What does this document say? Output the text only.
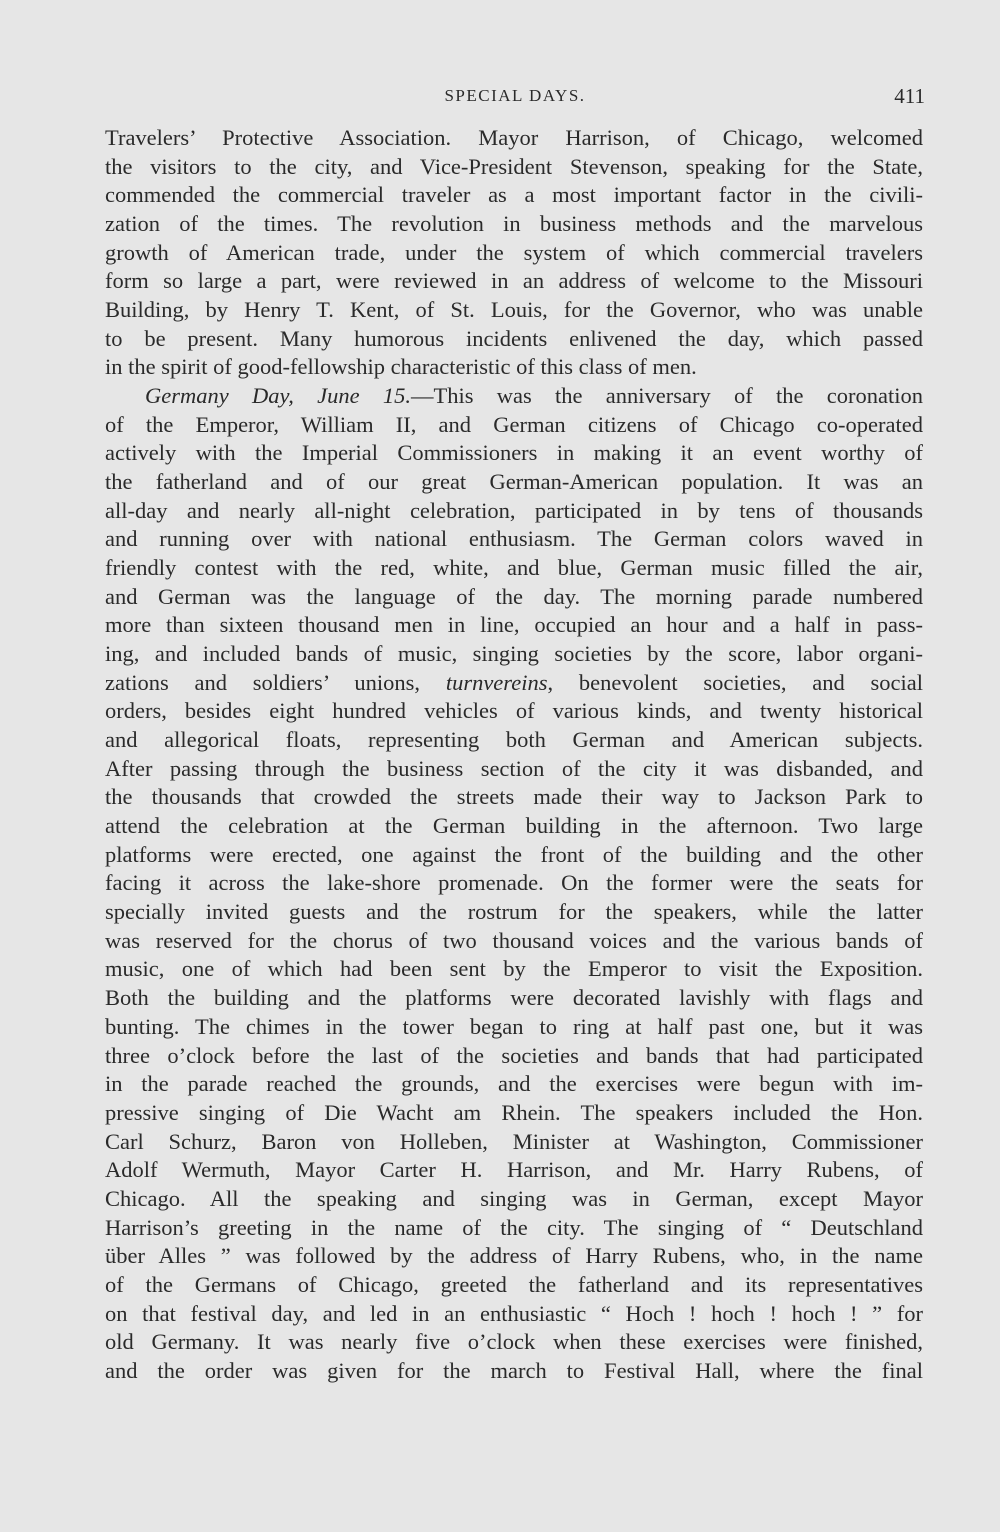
SPECIAL DAYS.	411
Travelers’ Protective Association. Mayor Harrison, of Chicago, welcomed
the visitors to the city, and Vice-President Stevenson, speaking for the State,
commended the commercial traveler as a most important factor in the civili-
zation of the times. The revolution in business methods and the marvelous
growth of American trade, under the system of which commercial travelers
form so large a part, were reviewed in an address of welcome to the Missouri
Building, by Henry T. Kent, of St. Louis, for the Governor, who was unable
to be present. Many humorous incidents enlivened the day, which passed
in the spirit of good-fellowship characteristic of this class of men.
Germany Day, June 15.—This was the anniversary of the coronation
of the Emperor, William II, and German citizens of Chicago co-operated
actively with the Imperial Commissioners in making it an event worthy of
the fatherland and of our great German-American population. It was an
all-day and nearly all-night celebration, participated in by tens of thousands
and running over with national enthusiasm. The German colors waved in
friendly contest with the red, white, and blue, German music filled the air,
and German was the language of the day. The morning parade numbered
more than sixteen thousand men in line, occupied an hour and a half in pass-
ing, and included bands of music, singing societies by the score, labor organi-
zations and soldiers’ unions, turnvereins, benevolent societies, and social
orders, besides eight hundred vehicles of various kinds, and twenty historical
and allegorical floats, representing both German and American subjects.
After passing through the business section of the city it was disbanded, and
the thousands that crowded the streets made their way to Jackson Park to
attend the celebration at the German building in the afternoon. Two large
platforms were erected, one against the front of the building and the other
facing it across the lake-shore promenade. On the former were the seats for
specially invited guests and the rostrum for the speakers, while the latter
was reserved for the chorus of two thousand voices and the various bands of
music, one of which had been sent by the Emperor to visit the Exposition.
Both the building and the platforms were decorated lavishly with flags and
bunting. The chimes in the tower began to ring at half past one, but it was
three o’clock before the last of the societies and bands that had participated
in the parade reached the grounds, and the exercises were begun with im-
pressive singing of Die Wacht am Rhein. The speakers included the Hon.
Carl Schurz, Baron von Holleben, Minister at Washington, Commissioner
Adolf Wermuth, Mayor Carter H. Harrison, and Mr. Harry Rubens, of
Chicago. All the speaking and singing was in German, except Mayor
Harrison’s greeting in the name of the city. The singing of “ Deutschland
über Alles ” was followed by the address of Harry Rubens, who, in the name
of the Germans of Chicago, greeted the fatherland and its representatives
on that festival day, and led in an enthusiastic “ Hoch ! hoch ! hoch ! ” for
old Germany. It was nearly five o’clock when these exercises were finished,
and the order was given for the march to Festival Hall, where the final
